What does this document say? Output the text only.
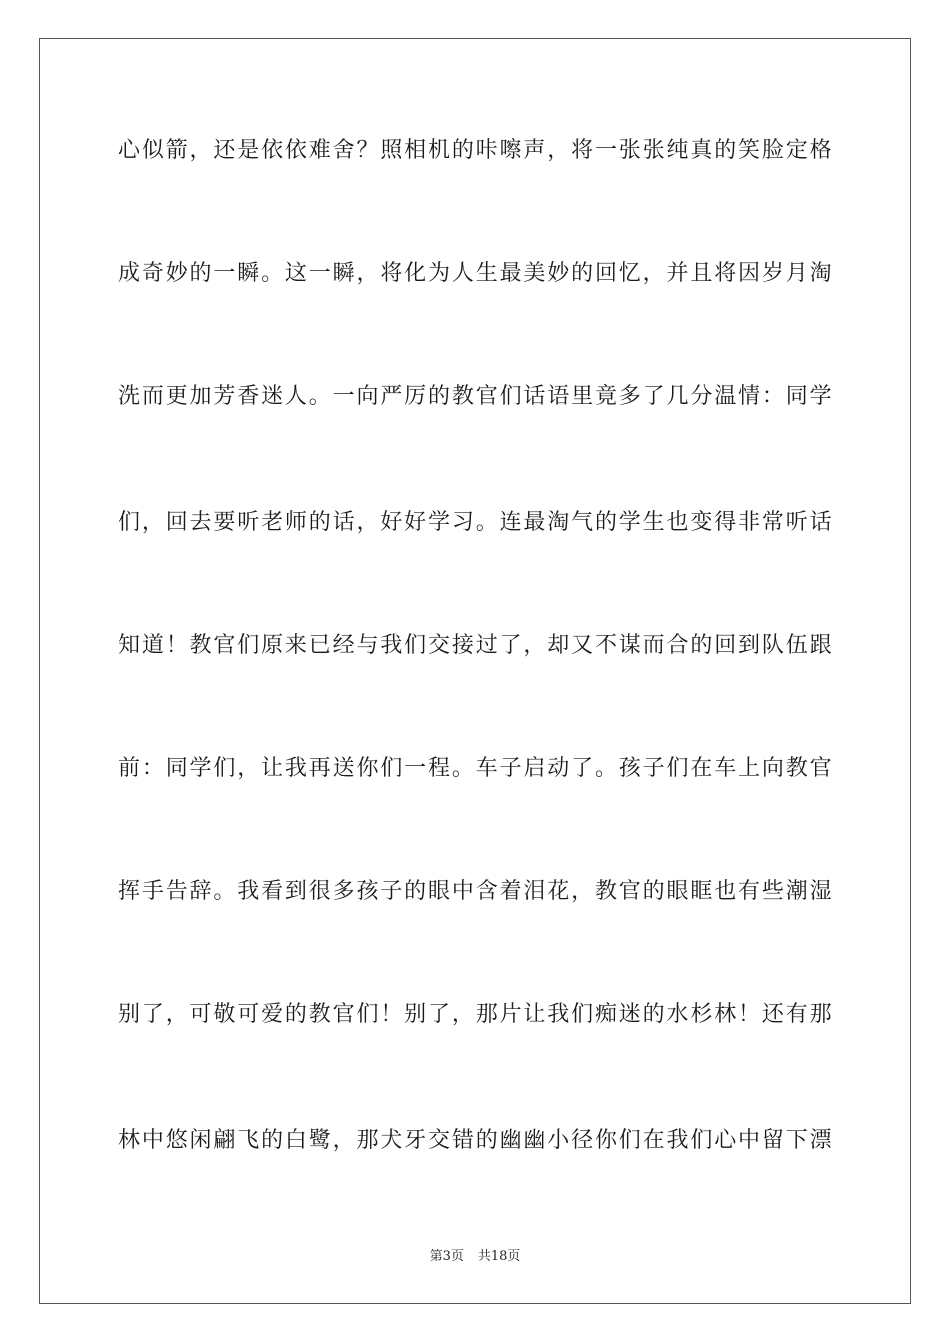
心似箭，还是依依难舍？照相机的咔嚓声，将一张张纯真的笑脸定格
成奇妙的一瞬。这一瞬，将化为人生最美妙的回忆，并且将因岁月淘
洗而更加芳香迷人。一向严厉的教官们话语里竟多了几分温情：同学
们，回去要听老师的话，好好学习。连最淘气的学生也变得非常听话
知道！教官们原来已经与我们交接过了，却又不谋而合的回到队伍跟
前：同学们，让我再送你们一程。车子启动了。孩子们在车上向教官
挥手告辞。我看到很多孩子的眼中含着泪花，教官的眼眶也有些潮湿
别了，可敬可爱的教官们！别了，那片让我们痴迷的水杉林！还有那
林中悠闲翩飞的白鹭，那犬牙交错的幽幽小径你们在我们心中留下漂
第3页 共18页
